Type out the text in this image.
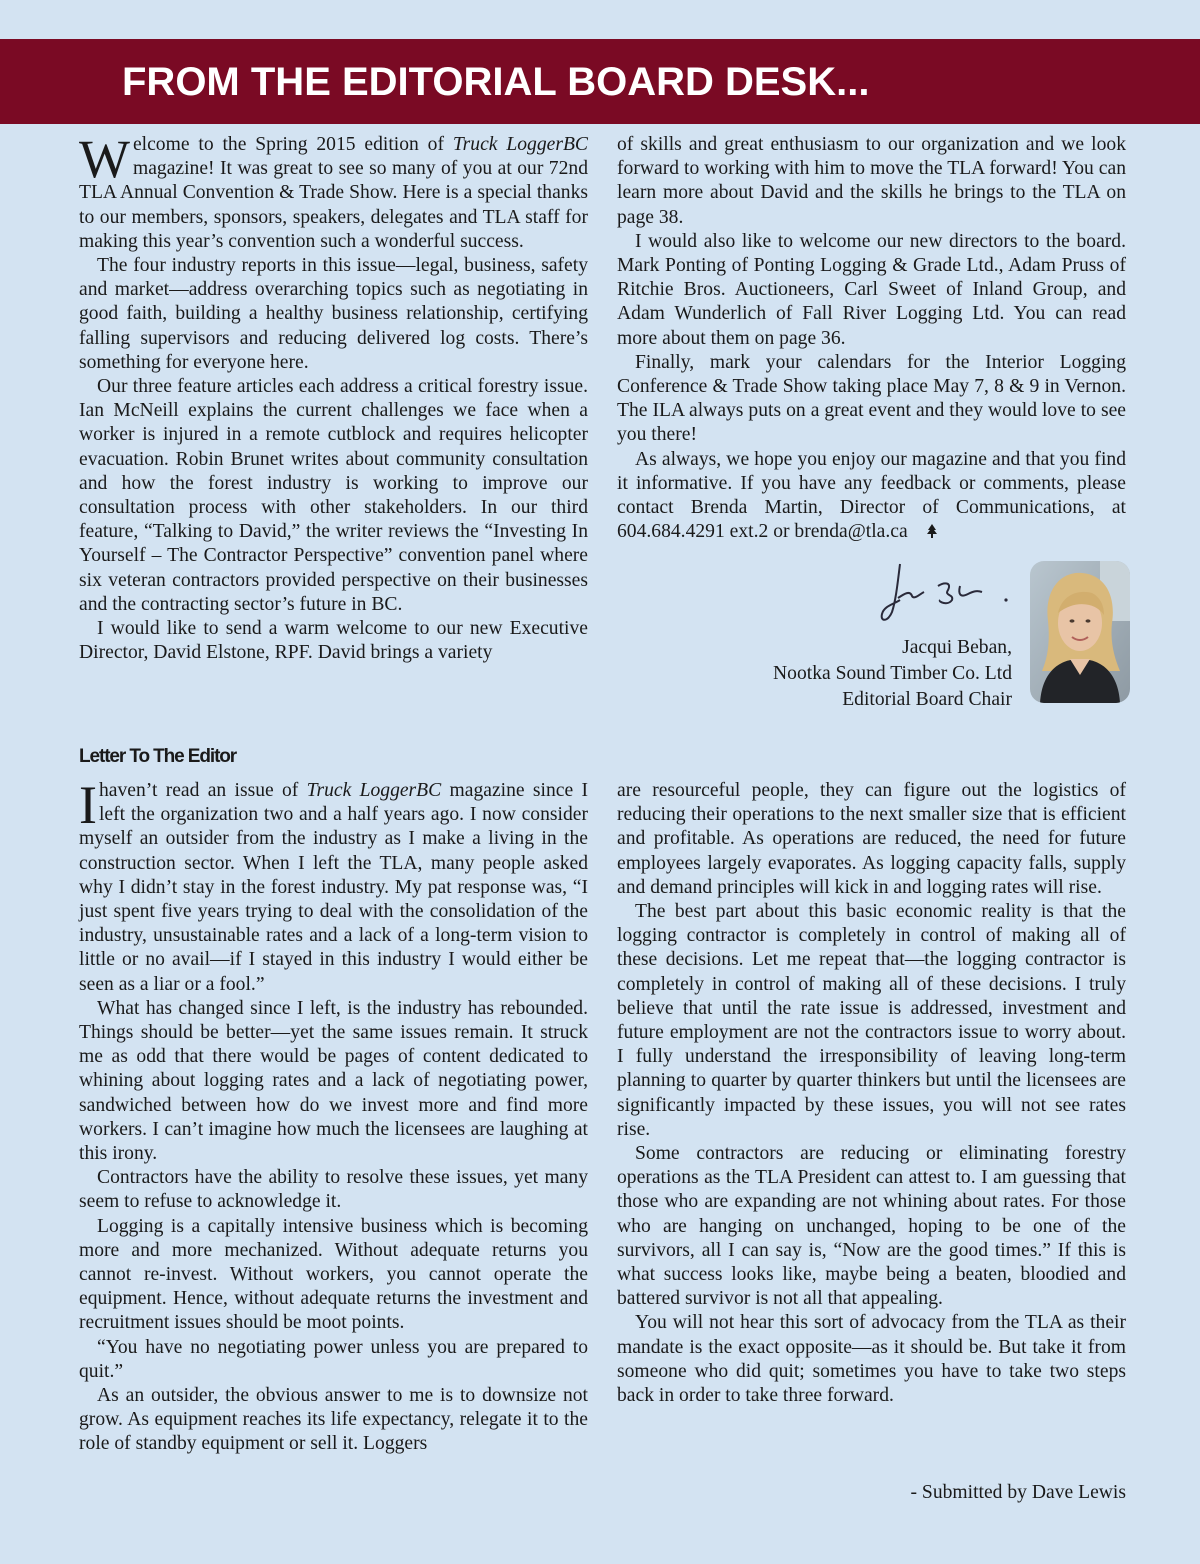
FROM THE EDITORIAL BOARD DESK...

Welcome to the Spring 2015 edition of Truck LoggerBC magazine! It was great to see so many of you at our 72nd TLA Annual Convention & Trade Show. Here is a special thanks to our members, sponsors, speakers, delegates and TLA staff for making this year’s convention such a wonderful success.

The four industry reports in this issue—legal, business, safety and market—address overarching topics such as negotiating in good faith, building a healthy business relationship, certifying falling supervisors and reducing delivered log costs. There’s something for everyone here.

Our three feature articles each address a critical forestry issue. Ian McNeill explains the current challenges we face when a worker is injured in a remote cutblock and requires helicopter evacuation. Robin Brunet writes about community consultation and how the forest industry is working to improve our consultation process with other stakeholders. In our third feature, “Talking to David,” the writer reviews the “Investing In Yourself – The Contractor Perspective” convention panel where six veteran contractors provided perspective on their businesses and the contracting sector’s future in BC.

I would like to send a warm welcome to our new Executive Director, David Elstone, RPF. David brings a variety

of skills and great enthusiasm to our organization and we look forward to working with him to move the TLA forward! You can learn more about David and the skills he brings to the TLA on page 38.

I would also like to welcome our new directors to the board. Mark Ponting of Ponting Logging & Grade Ltd., Adam Pruss of Ritchie Bros. Auctioneers, Carl Sweet of Inland Group, and Adam Wunderlich of Fall River Logging Ltd. You can read more about them on page 36.

Finally, mark your calendars for the Interior Logging Conference & Trade Show taking place May 7, 8 & 9 in Vernon. The ILA always puts on a great event and they would love to see you there!

As always, we hope you enjoy our magazine and that you find it informative. If you have any feedback or comments, please contact Brenda Martin, Director of Communications, at 604.684.4291 ext.2 or brenda@tla.ca

Jacqui Beban,
Nootka Sound Timber Co. Ltd
Editorial Board Chair
Letter To The Editor

I haven’t read an issue of Truck LoggerBC magazine since I left the organization two and a half years ago. I now consider myself an outsider from the industry as I make a living in the construction sector. When I left the TLA, many people asked why I didn’t stay in the forest industry. My pat response was, “I just spent five years trying to deal with the consolidation of the industry, unsustainable rates and a lack of a long-term vision to little or no avail—if I stayed in this industry I would either be seen as a liar or a fool.”

What has changed since I left, is the industry has rebounded. Things should be better—yet the same issues remain. It struck me as odd that there would be pages of content dedicated to whining about logging rates and a lack of negotiating power, sandwiched between how do we invest more and find more workers. I can’t imagine how much the licensees are laughing at this irony.

Contractors have the ability to resolve these issues, yet many seem to refuse to acknowledge it.

Logging is a capitally intensive business which is becoming more and more mechanized. Without adequate returns you cannot re-invest. Without workers, you cannot operate the equipment. Hence, without adequate returns the investment and recruitment issues should be moot points.

“You have no negotiating power unless you are prepared to quit.”

As an outsider, the obvious answer to me is to downsize not grow. As equipment reaches its life expectancy, relegate it to the role of standby equipment or sell it. Loggers

are resourceful people, they can figure out the logistics of reducing their operations to the next smaller size that is efficient and profitable. As operations are reduced, the need for future employees largely evaporates. As logging capacity falls, supply and demand principles will kick in and logging rates will rise.

The best part about this basic economic reality is that the logging contractor is completely in control of making all of these decisions. Let me repeat that—the logging contractor is completely in control of making all of these decisions. I truly believe that until the rate issue is addressed, investment and future employment are not the contractors issue to worry about. I fully understand the irresponsibility of leaving long-term planning to quarter by quarter thinkers but until the licensees are significantly impacted by these issues, you will not see rates rise.

Some contractors are reducing or eliminating forestry operations as the TLA President can attest to. I am guessing that those who are expanding are not whining about rates. For those who are hanging on unchanged, hoping to be one of the survivors, all I can say is, “Now are the good times.” If this is what success looks like, maybe being a beaten, bloodied and battered survivor is not all that appealing.

You will not hear this sort of advocacy from the TLA as their mandate is the exact opposite—as it should be. But take it from someone who did quit; sometimes you have to take two steps back in order to take three forward.

- Submitted by Dave Lewis
